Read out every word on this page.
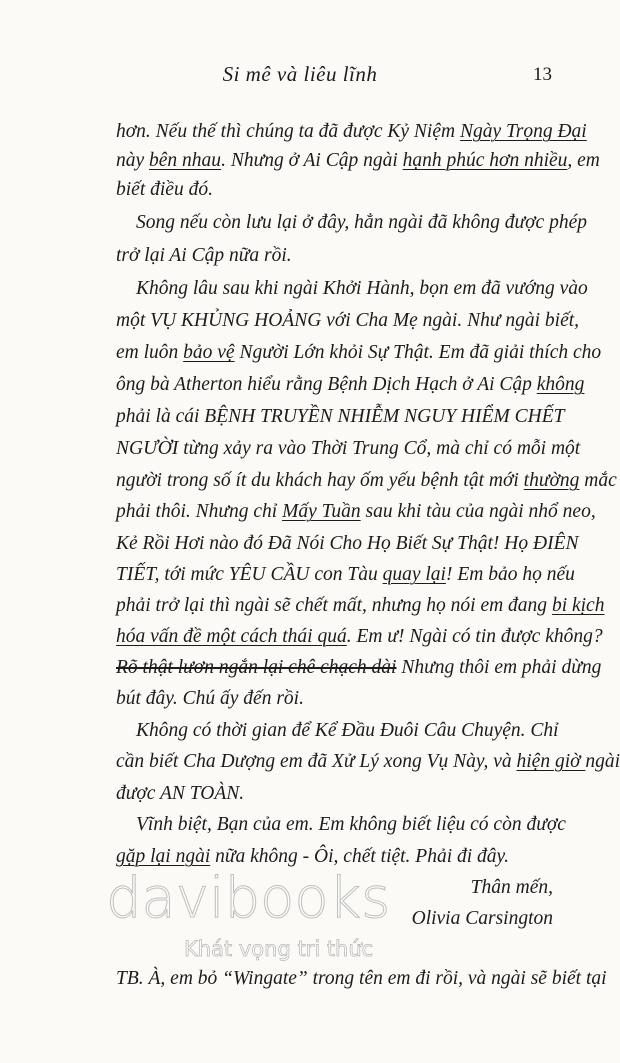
Si mê và liêu lĩnh	13
hơn. Nếu thế thì chúng ta đã được Kỷ Niệm Ngày Trọng Đại
này bên nhau. Nhưng ở Ai Cập ngài hạnh phúc hơn nhiều, em
biết điều đó.
Song nếu còn lưu lại ở đây, hẳn ngài đã không được phép
trở lại Ai Cập nữa rồi.
Không lâu sau khi ngài Khởi Hành, bọn em đã vướng vào
một VỤ KHỦNG HOẢNG với Cha Mẹ ngài. Như ngài biết,
em luôn bảo vệ Người Lớn khỏi Sự Thật. Em đã giải thích cho
ông bà Atherton hiểu rằng Bệnh Dịch Hạch ở Ai Cập không
phải là cái BỆNH TRUYỀN NHIỄM NGUY HIỂM CHẾT
NGƯỜI từng xảy ra vào Thời Trung Cổ, mà chỉ có mỗi một
người trong số ít du khách hay ốm yếu bệnh tật mới thường mắc
phải thôi. Nhưng chỉ Mấy Tuần sau khi tàu của ngài nhổ neo,
Kẻ Rồi Hơi nào đó Đã Nói Cho Họ Biết Sự Thật! Họ ĐIÊN
TIẾT, tới mức YÊU CẦU con Tàu quay lại! Em bảo họ nếu
phải trở lại thì ngài sẽ chết mất, nhưng họ nói em đang bi kịch
hóa vấn đề một cách thái quá. Em ư! Ngài có tin được không?
Rõ thật lươn ngắn lại chê chạch dài Nhưng thôi em phải dừng
bút đây. Chú ấy đến rồi.
Không có thời gian để Kể Đầu Đuôi Câu Chuyện. Chỉ
cần biết Cha Dượng em đã Xử Lý xong Vụ Này, và hiện giờ ngài
được AN TOÀN.
Vĩnh biệt, Bạn của em. Em không biết liệu có còn được
gặp lại ngài nữa không - Ôi, chết tiệt. Phải đi đây.
Thân mến,
Olivia Carsington
TB. À, em bỏ “Wingate” trong tên em đi rồi, và ngài sẽ biết tại
davibooks
Khát vọng tri thức
